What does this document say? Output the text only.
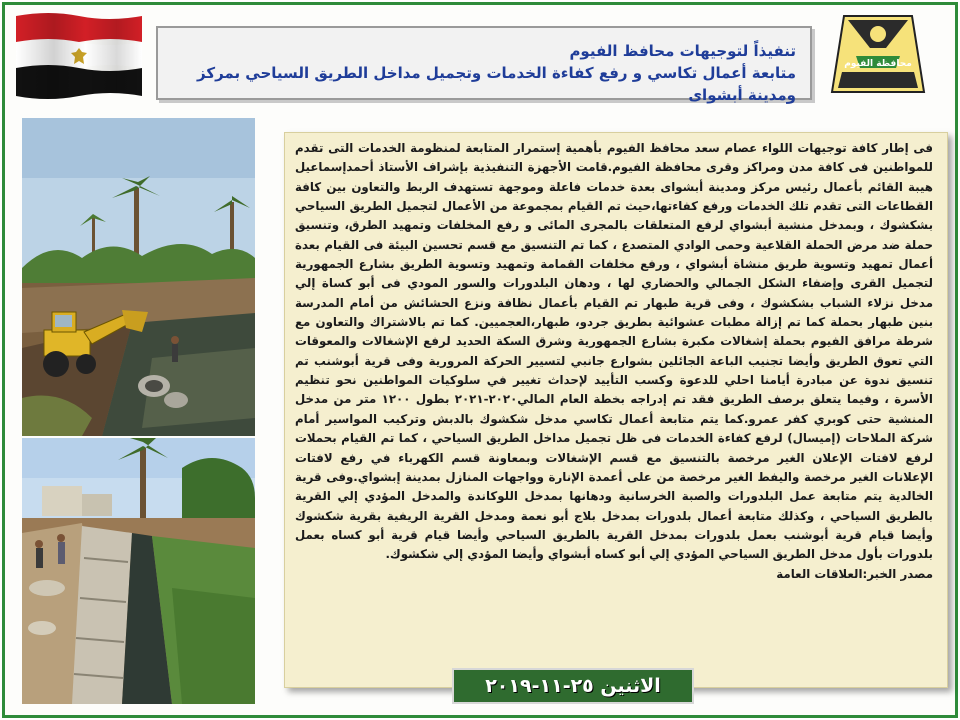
محافظة الفيوم
تنفيذاً لتوجيهات محافظ الفيوم
متابعة أعمال تكاسي و رفع كفاءة الخدمات وتجميل مداخل الطريق السياحي بمركز ومدينة أبشواى
فى إطار كافة توجيهات اللواء عصام سعد محافظ الفيوم بأهمية إستمرار المتابعة لمنظومة الخدمات التى تقدم للمواطنين فى كافة مدن ومراكز وقرى محافظة الفيوم.قامت الأجهزة التنفيذية بإشراف الأستاذ أحمدإسماعيل هيبة القائم بأعمال رئيس مركز ومدينة أبشواى بعدة خدمات فاعلة وموجهة تستهدف الربط والتعاون بين كافة القطاعات التى تقدم تلك الخدمات ورفع كفاءتها،حيث تم القيام بمجموعة من الأعمال لتجميل الطريق السياحي بشكشوك ، وبمدخل منشية أبشواي لرفع المتعلقات بالمجرى المائى و رفع المخلفات وتمهيد الطرق، وتنسيق حملة ضد مرض الحملة القلاعية وحمى الوادي المتصدع ، كما تم التنسيق مع قسم تحسين البيئة فى القيام بعدة أعمال تمهيد وتسوية طريق منشاة أبشواي ، ورفع مخلفات القمامة وتمهيد وتسوية الطريق بشارع الجمهورية لتجميل القرى وإضفاء الشكل الجمالي والحضاري لها ، ودهان البلدورات والسور المودي فى أبو كساة إلي مدخل نزلاء الشباب بشكشوك ، وفى قرية طبهار تم القيام بأعمال نظافة ونزع الحشائش من أمام المدرسة بنين طبهار بحملة كما تم إزالة مطبات عشوائية بطريق جردو، طبهار،العجميين. كما تم بالاشتراك والتعاون مع شرطة مرافق الفيوم بحملة إشغالات مكبرة بشارع الجمهورية وشرق السكة الحديد لرفع الإشغالات والمعوقات التي تعوق الطريق وأيضا تجنيب الباعة الجائلين بشوارع جانبي لتسيير الحركة المرورية وفى قرية أبوشنب تم تنسيق ندوة عن مبادرة أيامنا احلي للدعوة وكسب التأييد لإحداث تغيير في سلوكيات المواطنين نحو تنظيم الأسرة ، وفيما يتعلق برصف الطريق فقد تم إدراجه بخطة العام المالي٢٠٢٠-٢٠٢١ بطول ١٢٠٠ متر من مدخل المنشية حتى كوبري كفر عمرو.كما يتم متابعة أعمال تكاسي مدخل شكشوك بالدبش وتركيب المواسير أمام شركة الملاحات (إميسال) لرفع كفاءة الخدمات فى ظل تجميل مداخل الطريق السياحي ، كما تم القيام بحملات لرفع لافتات الإعلان الغير مرخصة بالتنسيق مع قسم الإشغالات وبمعاونة قسم الكهرباء في رفع لافتات الإعلانات الغير مرخصة واليفط الغير مرخصة من على أعمدة الإنارة وواجهات المنازل بمدينة إبشواي.وفى قرية الخالدية يتم متابعة عمل البلدورات والصبة الخرسانية ودهانها بمدخل اللوكاندة والمدخل المؤدي إلي القرية بالطريق السياحي ، وكذلك متابعة أعمال بلدورات بمدخل بلاج أبو نعمة ومدخل القرية الريفية بقرية شكشوك وأيضا قيام قرية أبوشنب بعمل بلدورات بمدخل القرية بالطريق السياحي وأيضا قيام قرية أبو كساه بعمل بلدورات بأول مدخل الطريق السياحي المؤدي إلي أبو كساه أبشواي وأيضا المؤدي إلي شكشوك.
مصدر الخبر:العلاقات العامة
الاثنين ٢٥-١١-٢٠١٩
